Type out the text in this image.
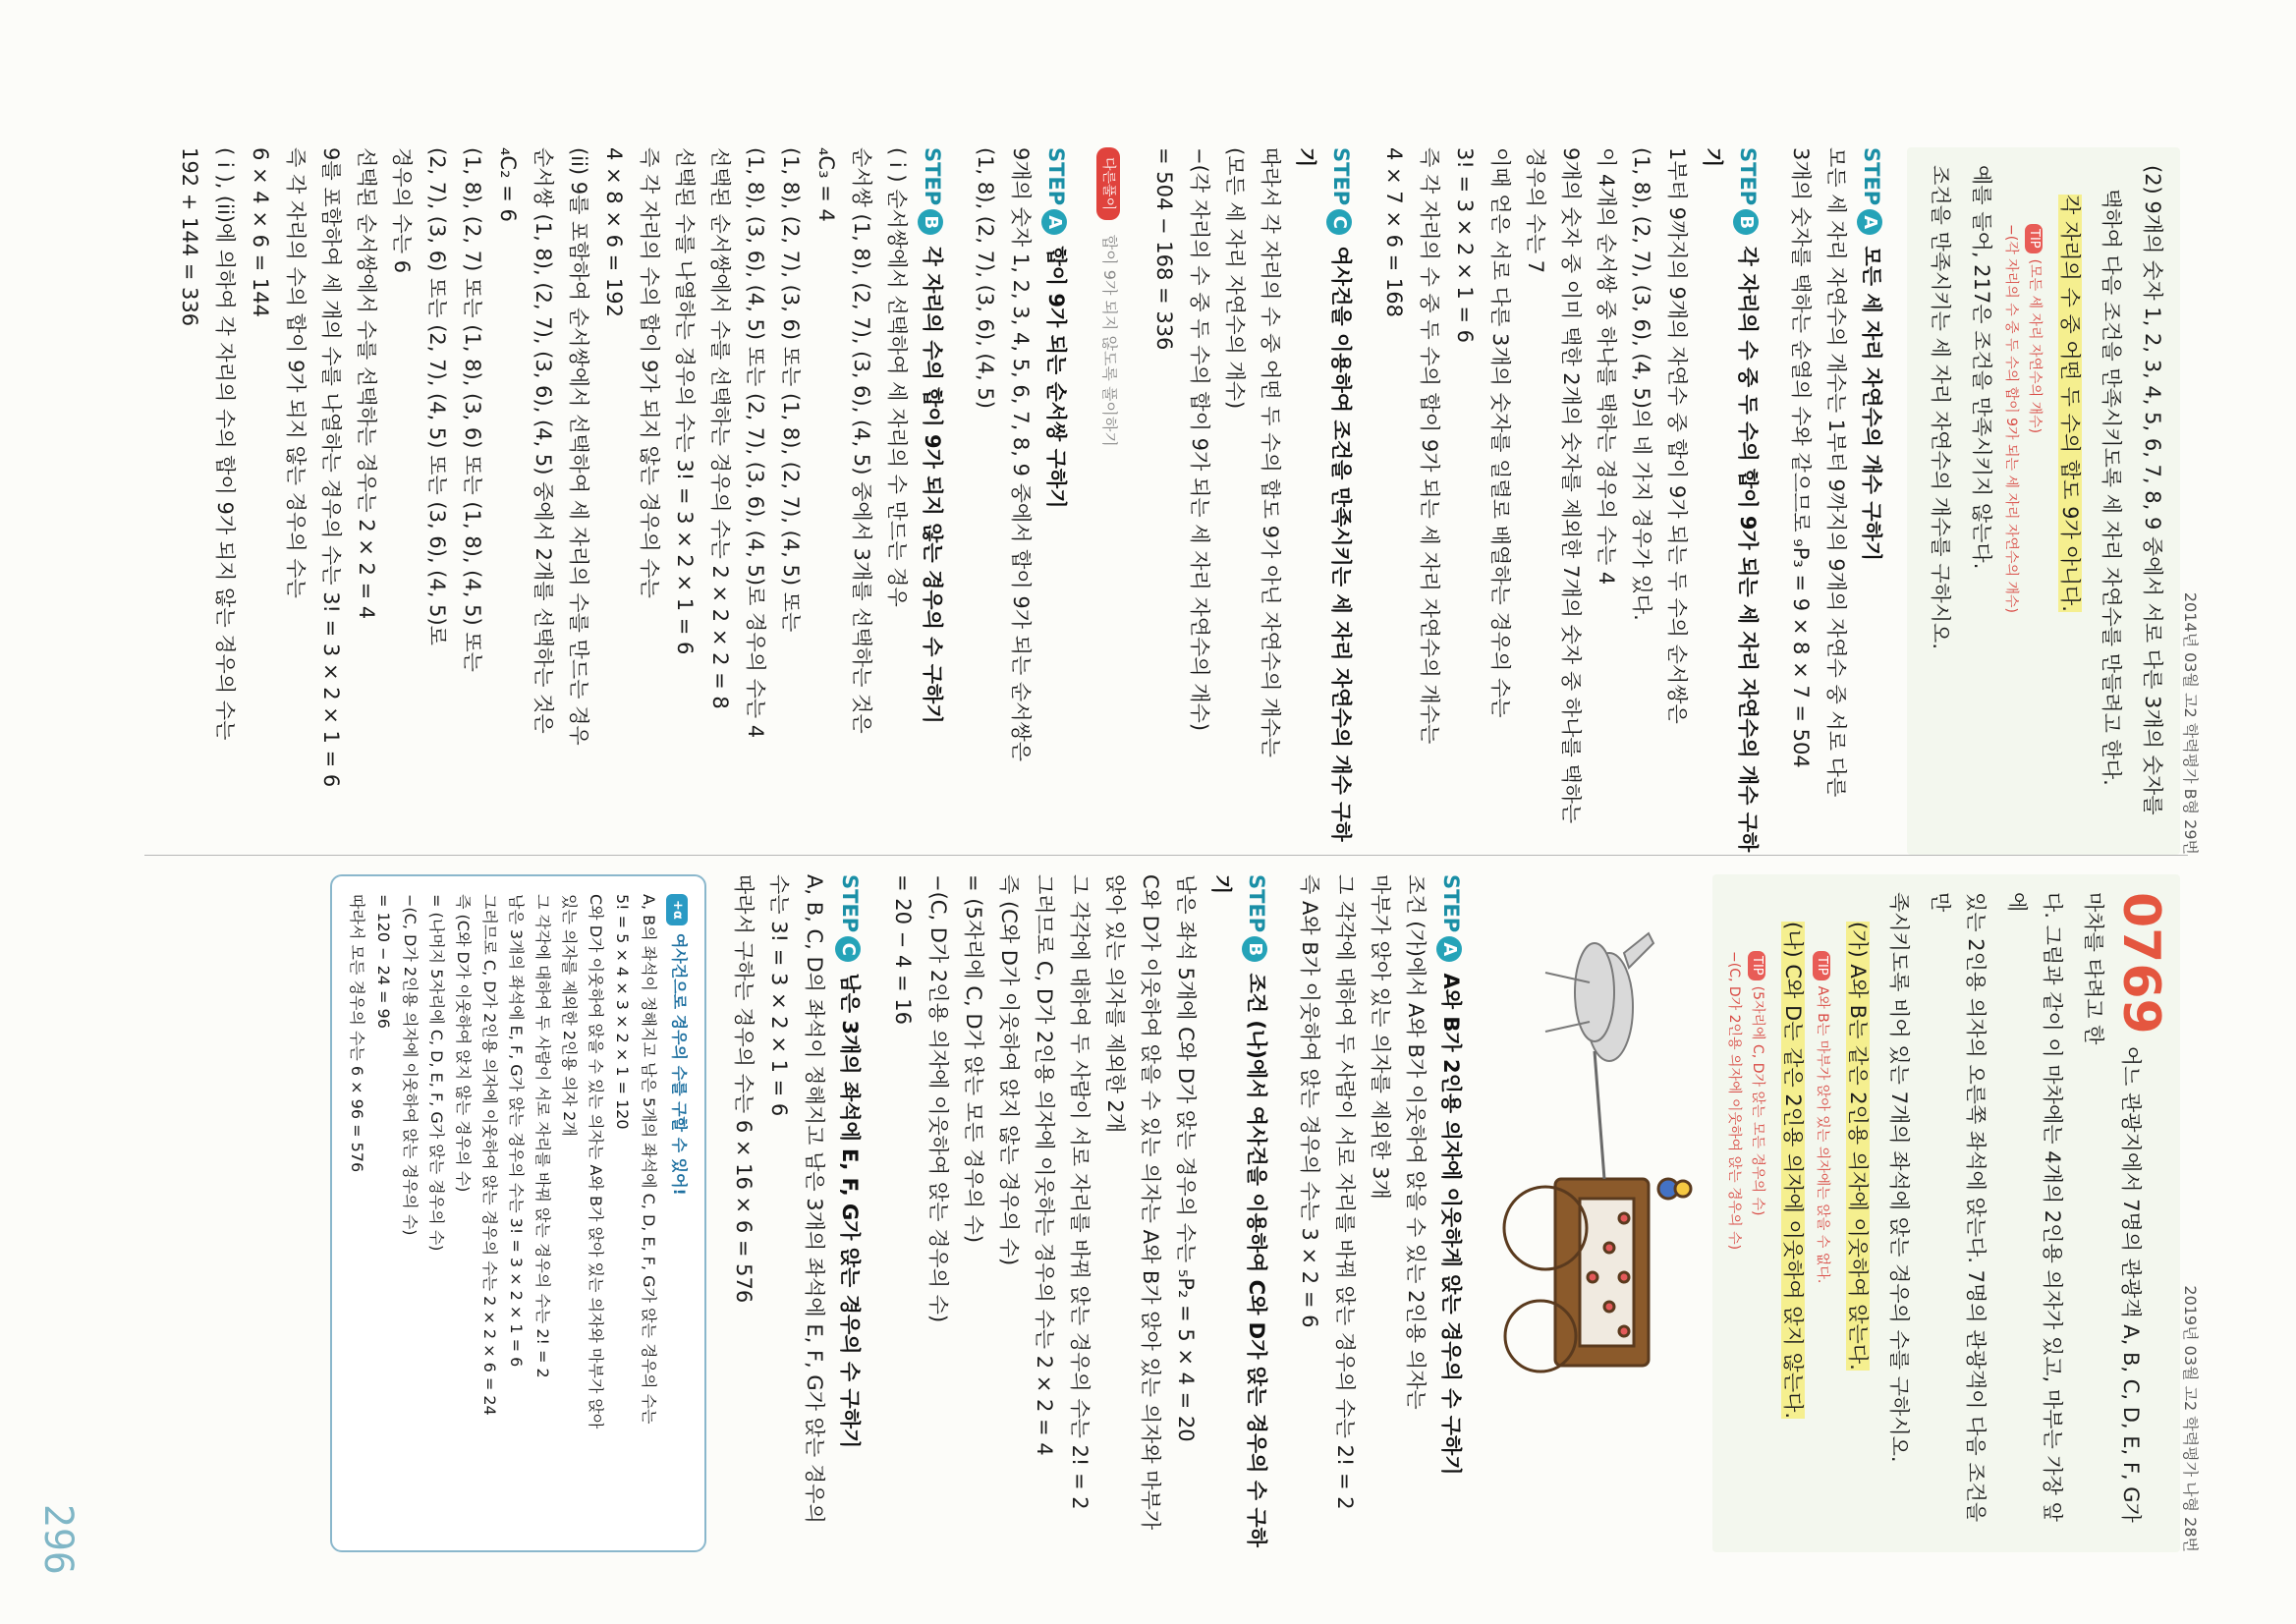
296
2014년 03월 고2 학력평가 B형 29번

(2) 9개의 숫자 1, 2, 3, 4, 5, 6, 7, 8, 9 중에서 서로 다른 3개의 숫자를

택하여 다음 조건을 만족시키도록 세 자리 자연수를 만들려고 한다.

각 자리의 수 중 어떤 두 수의 합도 9가 아니다.

TIP(모든 세 자리 자연수의 개수)
−(각 자리의 수 중 두 수의 합이 9가 되는 세 자리 자연수의 개수)

예를 들어, 217은 조건을 만족시키지 않는다.

조건을 만족시키는 세 자리 자연수의 개수를 구하시오.

STEPA 모든 세 자리 자연수의 개수 구하기

모든 세 자리 자연수의 개수는 1부터 9까지의 9개의 자연수 중 서로 다른

3개의 숫자를 택하는 순열의 수와 같으므로 ₉P₃ = 9 × 8 × 7 = 504

STEPB 각 자리의 수 중 두 수의 합이 9가 되는 세 자리 자연수의 개수 구하기

1부터 9까지의 9개의 자연수 중 합이 9가 되는 두 수의 순서쌍은

(1, 8), (2, 7), (3, 6), (4, 5)의 네 가지 경우가 있다.

이 4개의 순서쌍 중 하나를 택하는 경우의 수는 4

9개의 숫자 중 이미 택한 2개의 숫자를 제외한 7개의 숫자 중 하나를 택하는

경우의 수는 7

이때 얻은 서로 다른 3개의 숫자를 일렬로 배열하는 경우의 수는

3! = 3 × 2 × 1 = 6

즉 각 자리의 수 중 두 수의 합이 9가 되는 세 자리 자연수의 개수는

4 × 7 × 6 = 168

STEPC 여사건을 이용하여 조건을 만족시키는 세 자리 자연수의 개수 구하기

따라서 각 자리의 수 중 어떤 두 수의 합도 9가 아닌 자연수의 개수는

(모든 세 자리 자연수의 개수)

−(각 자리의 수 중 두 수의 합이 9가 되는 세 자리 자연수의 개수)

= 504 − 168 = 336

다른풀이 합이 9가 되지 않도록 풀이하기
STEPA 합이 9가 되는 순서쌍 구하기

9개의 숫자 1, 2, 3, 4, 5, 6, 7, 8, 9 중에서 합이 9가 되는 순서쌍은

(1, 8), (2, 7), (3, 6), (4, 5)

STEPB 각 자리의 수의 합이 9가 되지 않는 경우의 수 구하기

( i ) 순서쌍에서 선택하여 세 자리의 수 만드는 경우

순서쌍 (1, 8), (2, 7), (3, 6), (4, 5) 중에서 3개를 선택하는 것은

₄C₃ = 4

(1, 8), (2, 7), (3, 6) 또는 (1, 8), (2, 7), (4, 5) 또는

(1, 8), (3, 6), (4, 5) 또는 (2, 7), (3, 6), (4, 5)로 경우의 수는 4

선택된 순서쌍에서 수를 선택하는 경우의 수는 2 × 2 × 2 = 8

선택된 수를 나열하는 경우의 수는 3! = 3 × 2 × 1 = 6

즉 각 자리의 수의 합이 9가 되지 않는 경우의 수는

4 × 8 × 6 = 192

(ii) 9를 포함하여 순서쌍에서 선택하여 세 자리의 수를 만드는 경우

순서쌍 (1, 8), (2, 7), (3, 6), (4, 5) 중에서 2개를 선택하는 것은

₄C₂ = 6

(1, 8), (2, 7) 또는 (1, 8), (3, 6) 또는 (1, 8), (4, 5) 또는

(2, 7), (3, 6) 또는 (2, 7), (4, 5) 또는 (3, 6), (4, 5)로

경우의 수는 6

선택된 순서쌍에서 수를 선택하는 경우는 2 × 2 = 4

9를 포함하여 세 개의 수를 나열하는 경우의 수는 3! = 3 × 2 × 1 = 6

즉 각 자리의 수의 합이 9가 되지 않는 경우의 수는

6 × 4 × 6 = 144

( i ), (ii)에 의하여 각 자리의 수의 합이 9가 되지 않는 경우의 수는

192 + 144 = 336

2019년 03월 고2 학력평가 나형 28번

0769어느 관광지에서 7명의 관광객 A, B, C, D, E, F, G가 마차를 타려고 한

다. 그림과 같이 이 마차에는 4개의 2인용 의자가 있고, 마부는 가장 앞에

있는 2인용 의자의 오른쪽 좌석에 앉는다. 7명의 관광객이 다음 조건을 만

족시키도록 비어 있는 7개의 좌석에 앉는 경우의 수를 구하시오.

(가) A와 B는 같은 2인용 의자에 이웃하여 앉는다.

TIPA와 B는 마부가 앉아 있는 의자에는 앉을 수 없다.

(나) C와 D는 같은 2인용 의자에 이웃하여 앉지 않는다.

TIP(5자리에 C, D가 앉는 모든 경우의 수)
−(C, D가 2인용 의자에 이웃하여 앉는 경우의 수)
STEPA A와 B가 2인용 의자에 이웃하게 앉는 경우의 수 구하기

조건 (가)에서 A와 B가 이웃하여 앉을 수 있는 2인용 의자는

마부가 앉아 있는 의자를 제외한 3개

그 각각에 대하여 두 사람이 서로 자리를 바꿔 앉는 경우의 수는 2! = 2

즉 A와 B가 이웃하여 앉는 경우의 수는 3 × 2 = 6

STEPB 조건 (나)에서 여사건을 이용하여 C와 D가 앉는 경우의 수 구하기

남은 좌석 5개에 C와 D가 앉는 경우의 수는 ₅P₂ = 5 × 4 = 20

C와 D가 이웃하여 앉을 수 있는 의자는 A와 B가 앉아 있는 의자와 마부가

앉아 있는 의자를 제외한 2개

그 각각에 대하여 두 사람이 서로 자리를 바꿔 앉는 경우의 수는 2! = 2

그러므로 C, D가 2인용 의자에 이웃하는 경우의 수는 2 × 2 = 4

즉 (C와 D가 이웃하여 앉지 않는 경우의 수)

= (5자리에 C, D가 앉는 모든 경우의 수)

−(C, D가 2인용 의자에 이웃하여 앉는 경우의 수)

= 20 − 4 = 16

STEPC 남은 3개의 좌석에 E, F, G가 앉는 경우의 수 구하기

A, B, C, D의 좌석이 정해지고 남은 3개의 좌석에 E, F, G가 앉는 경우의

수는 3! = 3 × 2 × 1 = 6

따라서 구하는 경우의 수는 6 × 16 × 6 = 576

+α여사건으로 경우의 수를 구할 수 있어!
A, B의 좌석이 정해지고 남은 5개의 좌석에 C, D, E, F, G가 앉는 경우의 수는
5! = 5 × 4 × 3 × 2 × 1 = 120
C와 D가 이웃하여 앉을 수 있는 의자는 A와 B가 앉아 있는 의자와 마부가 앉아
있는 의자를 제외한 2인용 의자 2개
그 각각에 대하여 두 사람이 서로 자리를 바꿔 앉는 경우의 수는 2! = 2
남은 3개의 좌석에 E, F, G가 앉는 경우의 수는 3! = 3 × 2 × 1 = 6
그러므로 C, D가 2인용 의자에 이웃하여 앉는 경우의 수는 2 × 2 × 6 = 24
즉 (C와 D가 이웃하여 앉지 않는 경우의 수)
= (나머지 5자리에 C, D, E, F, G가 앉는 경우의 수)
−(C, D가 2인용 의자에 이웃하여 앉는 경우의 수)
= 120 − 24 = 96
따라서 모든 경우의 수는 6 × 96 = 576
